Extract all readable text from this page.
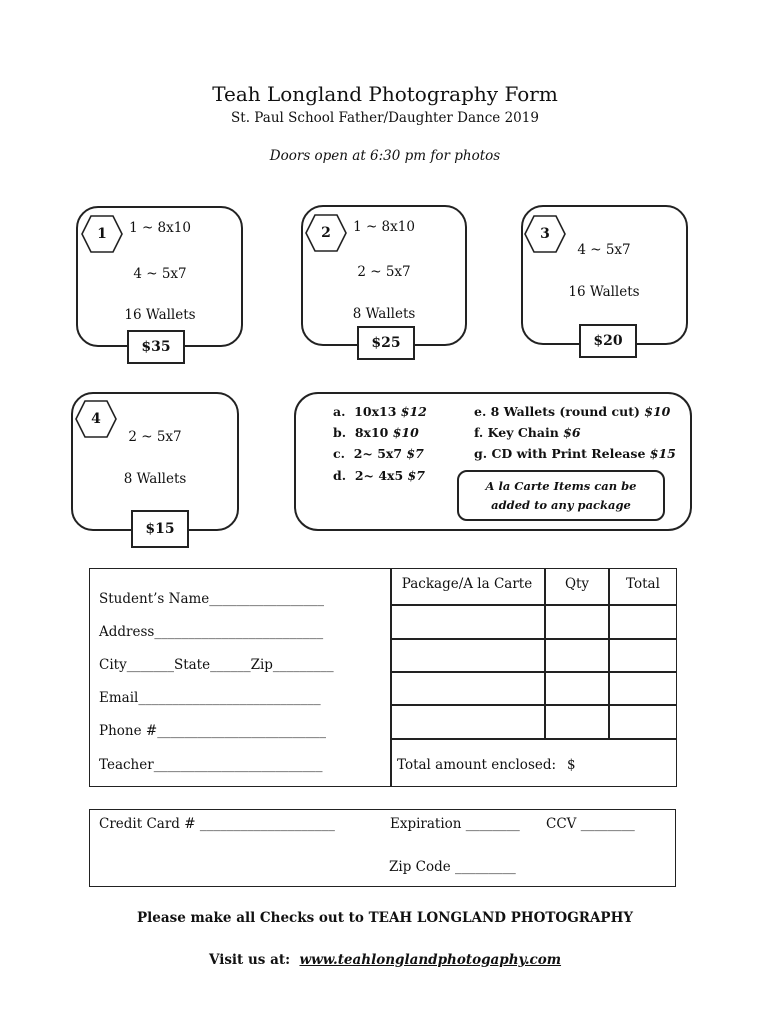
Teah Longland Photography Form
St. Paul School Father/Daughter Dance 2019
Doors open at 6:30 pm for photos
1	1 ~ 8x10
4 ~ 5x7
16 Wallets
$35
2	1 ~ 8x10
2 ~ 5x7
8 Wallets
$25
3
4 ~ 5x7
16 Wallets
$20
4
2 ~ 5x7
8 Wallets
$15
a. 10x13 $12
b. 8x10 $10
c. 2~ 5x7 $7
d. 2~ 4x5 $7
e. 8 Wallets (round cut) $10
f. Key Chain $6
g. CD with Print Release $15
A la Carte Items can be
added to any package
Package/A la Carte	Qty	Total
Student’s Name_________________
Address_________________________
City_______State______Zip_________
Email___________________________
Phone #_________________________
Teacher_________________________	Total amount enclosed: $
Credit Card # ____________________	Expiration ________ CCV ________
Zip Code _________
Please make all Checks out to TEAH LONGLAND PHOTOGRAPHY
Visit us at: www.teahlonglandphotogaphy.com
